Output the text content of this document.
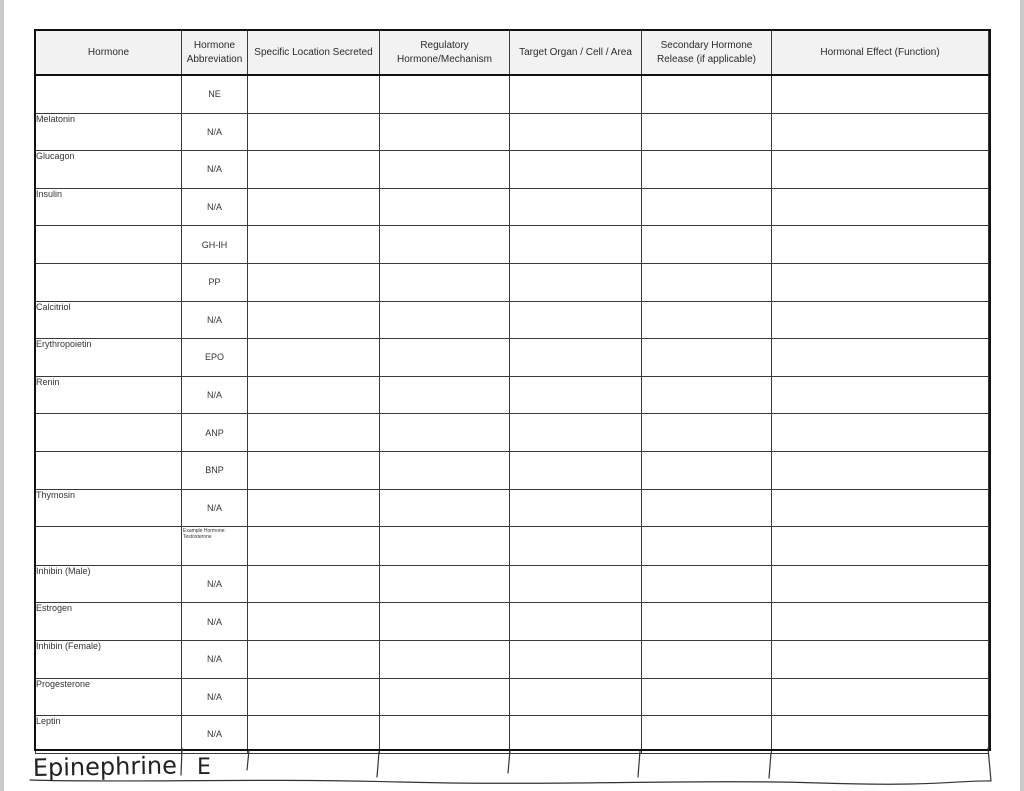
Hormone	Hormone Abbreviation	Specific Location Secreted	Regulatory Hormone/Mechanism	Target Organ / Cell / Area	Secondary Hormone Release (if applicable)	Hormonal Effect (Function)
	NE					
Melatonin	N/A					
Glucagon	N/A					
Insulin	N/A					
	GH-IH					
	PP					
Calcitriol	N/A					
Erythropoietin	EPO					
Renin	N/A					
	ANP					
	BNP					
Thymosin	N/A					
	Example Hormone: Testosterone					
Inhibin (Male)	N/A					
Estrogen	N/A					
Inhibin (Female)	N/A					
Progesterone	N/A					
Leptin	N/A					
Epinephrine E
